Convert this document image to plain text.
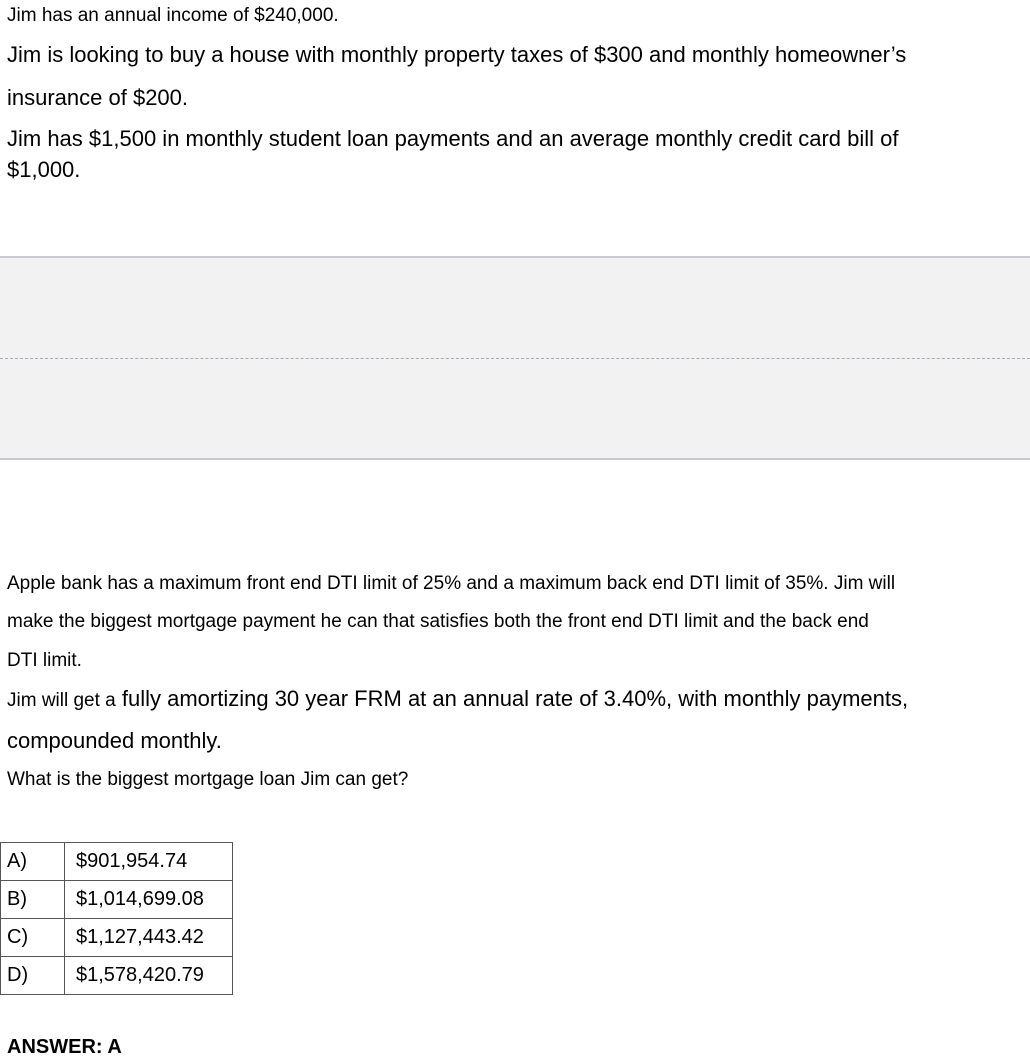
Jim has an annual income of $240,000.

Jim is looking to buy a house with monthly property taxes of $300 and monthly homeowner’s

insurance of $200.

Jim has $1,500 in monthly student loan payments and an average monthly credit card bill of

$1,000.

Apple bank has a maximum front end DTI limit of 25% and a maximum back end DTI limit of 35%. Jim will

make the biggest mortgage payment he can that satisfies both the front end DTI limit and the back end

DTI limit.

Jim will get a fully amortizing 30 year FRM at an annual rate of 3.40%, with monthly payments,

compounded monthly.

What is the biggest mortgage loan Jim can get?

A)	$901,954.74
B)	$1,014,699.08
C)	$1,127,443.42
D)	$1,578,420.79

ANSWER: A
